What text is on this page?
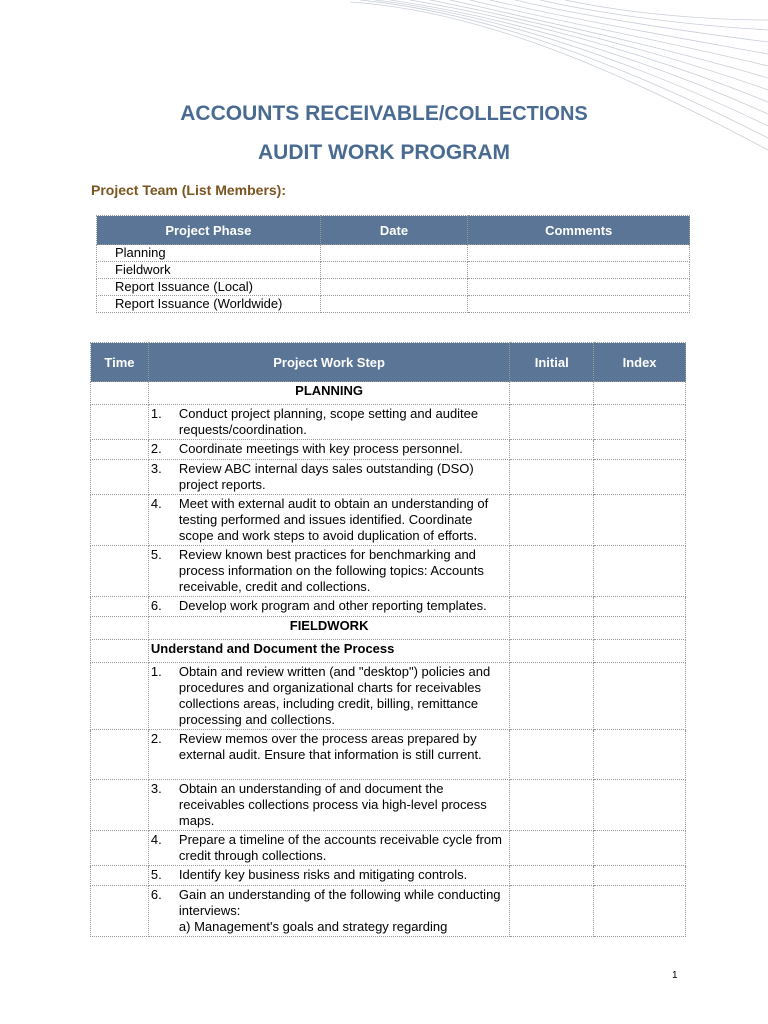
ACCOUNTS RECEIVABLE/COLLECTIONS
AUDIT WORK PROGRAM
Project Team (List Members):
Project Phase	Date	Comments
Planning		
Fieldwork		
Report Issuance (Local)		
Report Issuance (Worldwide)		
Time	Project Work Step	Initial	Index
	PLANNING		
	1. Conduct project planning, scope setting and auditee requests/coordination.		

	2. Coordinate meetings with key process personnel.		

	3. Review ABC internal days sales outstanding (DSO) project reports.		

	4. Meet with external audit to obtain an understanding of testing performed and issues identified. Coordinate scope and work steps to avoid duplication of efforts.		

	5. Review known best practices for benchmarking and process information on the following topics: Accounts receivable, credit and collections.		

	6. Develop work program and other reporting templates.		

	FIELDWORK		
	Understand and Document the Process		
	1. Obtain and review written (and "desktop") policies and procedures and organizational charts for receivables collections areas, including credit, billing, remittance processing and collections.		

	2. Review memos over the process areas prepared by external audit. Ensure that information is still current.		

	3. Obtain an understanding of and document the receivables collections process via high-level process maps.		

	4. Prepare a timeline of the accounts receivable cycle from credit through collections.		

	5. Identify key business risks and mitigating controls.		

	6. Gain an understanding of the following while conducting interviews:
a) Management's goals and strategy regarding		

1
